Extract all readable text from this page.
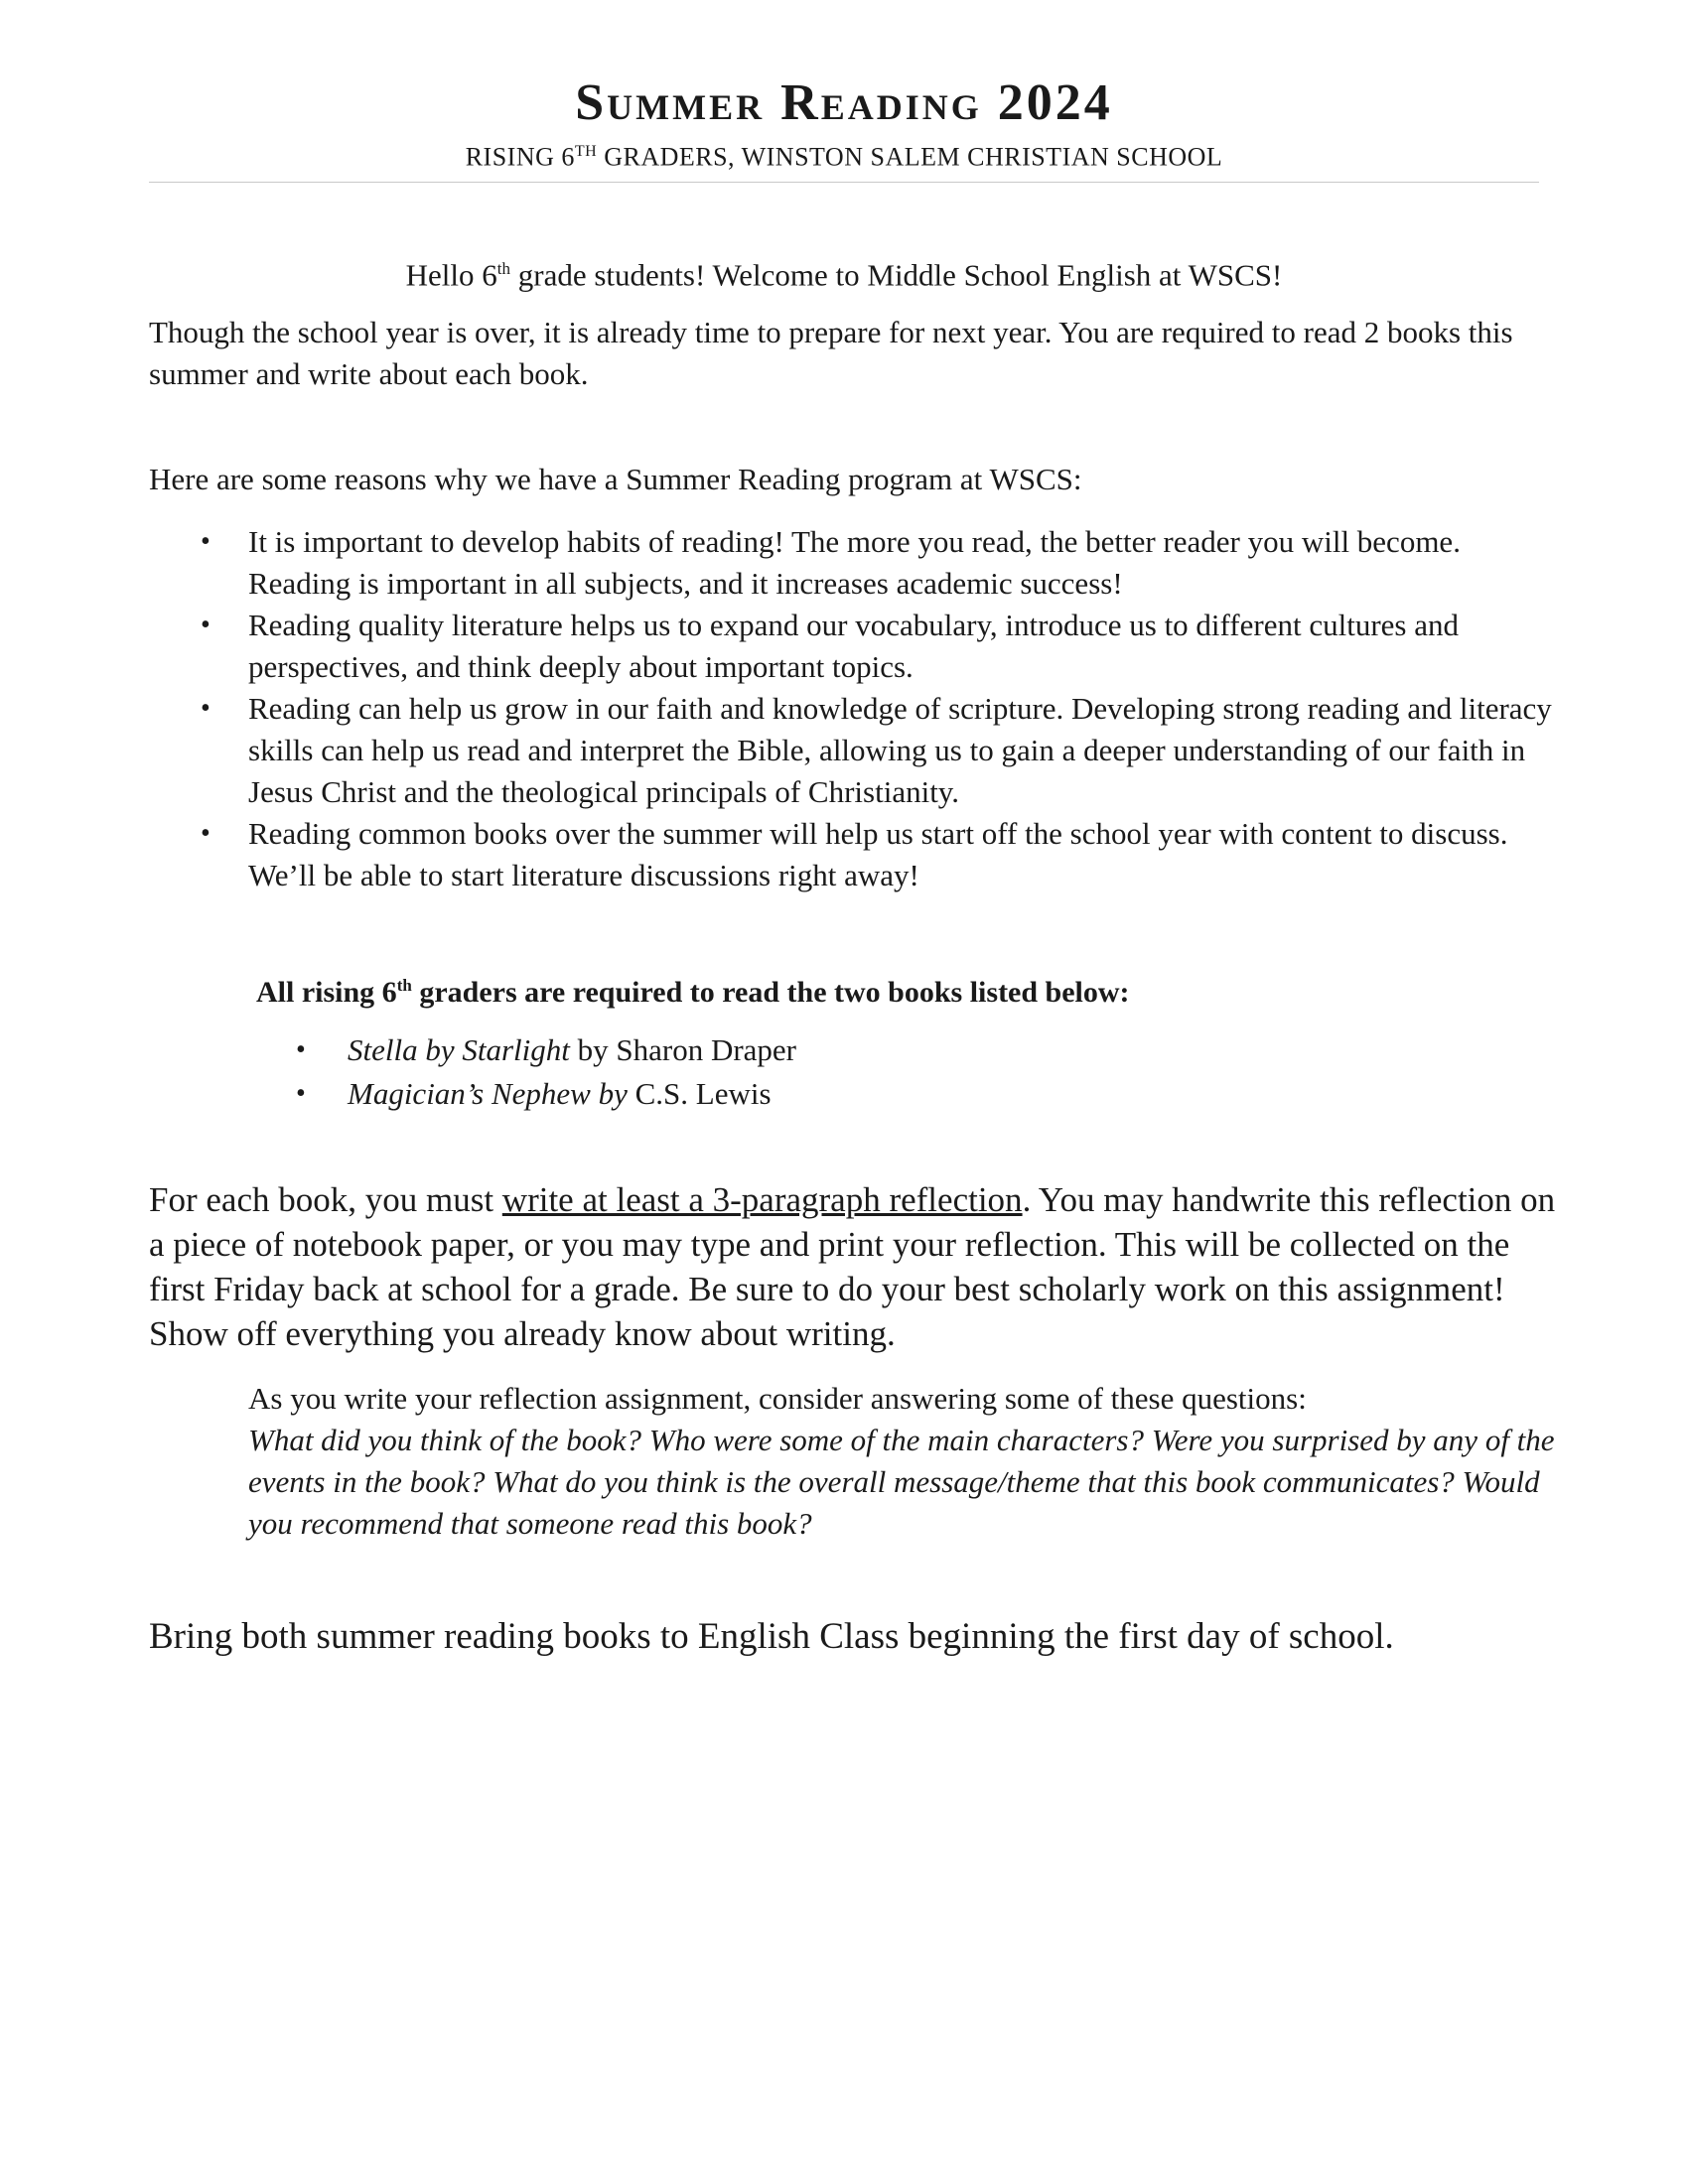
Summer Reading 2024
RISING 6TH GRADERS, WINSTON SALEM CHRISTIAN SCHOOL
Hello 6th grade students! Welcome to Middle School English at WSCS!
Though the school year is over, it is already time to prepare for next year. You are required to read 2 books this summer and write about each book.
Here are some reasons why we have a Summer Reading program at WSCS:
• It is important to develop habits of reading! The more you read, the better reader you will become. Reading is important in all subjects, and it increases academic success!
• Reading quality literature helps us to expand our vocabulary, introduce us to different cultures and perspectives, and think deeply about important topics.
• Reading can help us grow in our faith and knowledge of scripture. Developing strong reading and literacy skills can help us read and interpret the Bible, allowing us to gain a deeper understanding of our faith in Jesus Christ and the theological principals of Christianity.
• Reading common books over the summer will help us start off the school year with content to discuss. We’ll be able to start literature discussions right away!
All rising 6th graders are required to read the two books listed below:
• Stella by Starlight by Sharon Draper
• Magician’s Nephew by C.S. Lewis
For each book, you must write at least a 3-paragraph reflection. You may handwrite this reflection on a piece of notebook paper, or you may type and print your reflection. This will be collected on the first Friday back at school for a grade. Be sure to do your best scholarly work on this assignment! Show off everything you already know about writing.
As you write your reflection assignment, consider answering some of these questions:
What did you think of the book? Who were some of the main characters? Were you surprised by any of the events in the book? What do you think is the overall message/theme that this book communicates? Would you recommend that someone read this book?
Bring both summer reading books to English Class beginning the first day of school.
